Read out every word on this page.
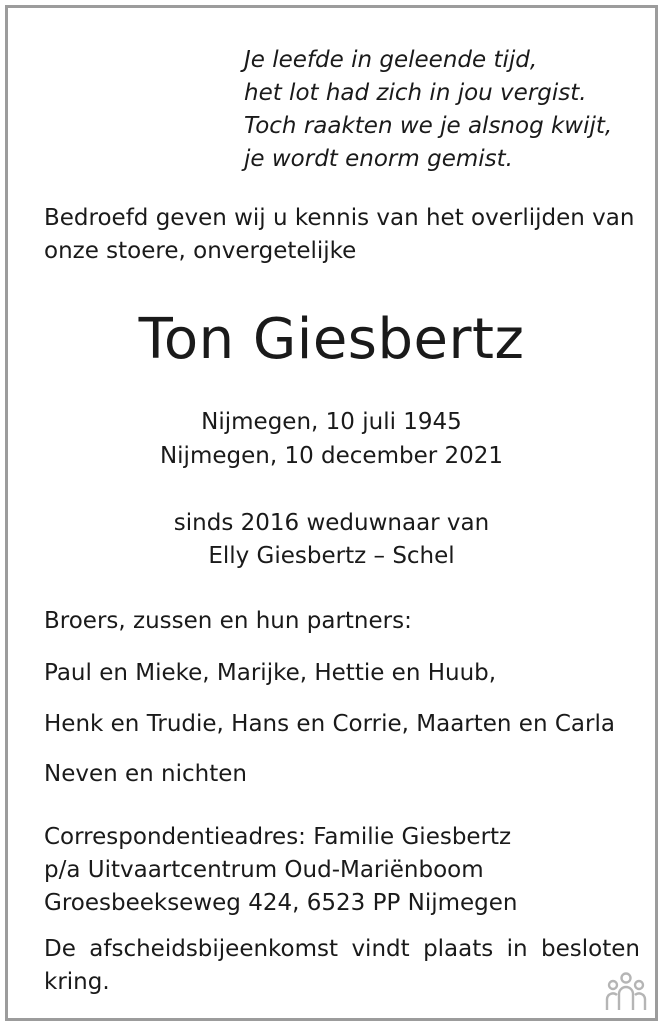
Je leefde in geleende tijd,
het lot had zich in jou vergist.
Toch raakten we je alsnog kwijt,
je wordt enorm gemist.
Bedroefd geven wij u kennis van het overlijden van
onze stoere, onvergetelijke
Ton Giesbertz
Nijmegen, 10 juli 1945
Nijmegen, 10 december 2021
sinds 2016 weduwnaar van
Elly Giesbertz – Schel
Broers, zussen en hun partners:
Paul en Mieke, Marijke, Hettie en Huub,
Henk en Trudie, Hans en Corrie, Maarten en Carla
Neven en nichten
Correspondentieadres: Familie Giesbertz
p/a Uitvaartcentrum Oud-Mariënboom
Groesbeekseweg 424, 6523 PP Nijmegen
De afscheidsbijeenkomst vindt plaats in besloten
kring.
